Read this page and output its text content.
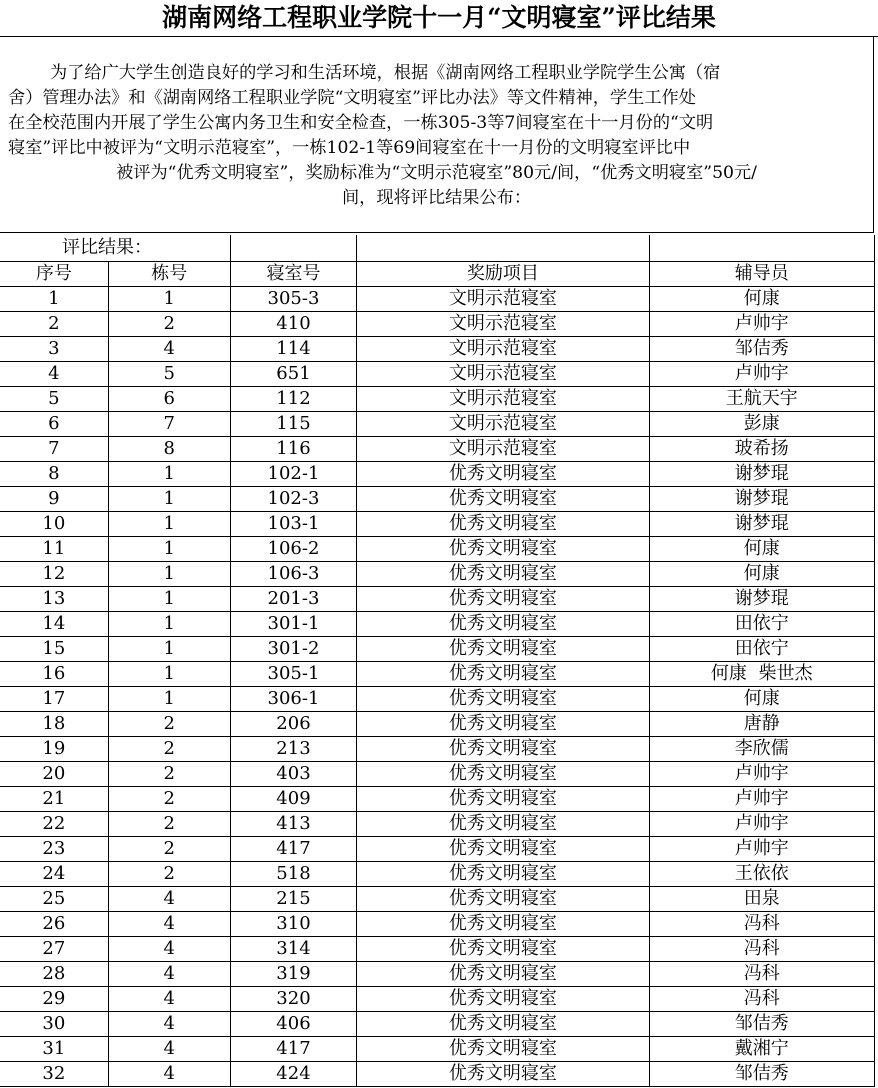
湖南网络工程职业学院十一月“文明寝室”评比结果

为了给广大学生创造良好的学习和生活环境，根据《湖南网络工程职业学院学生公寓（宿
舍）管理办法》和《湖南网络工程职业学院“文明寝室”评比办法》等文件精神，学生工作处
在全校范围内开展了学生公寓内务卫生和安全检查，一栋305-3等7间寝室在十一月份的“文明
寝室”评比中被评为“文明示范寝室”，一栋102-1等69间寝室在十一月份的文明寝室评比中
被评为“优秀文明寝室”，奖励标准为“文明示范寝室”80元/间，“优秀文明寝室”50元/
间，现将评比结果公布：

评比结果：				
序号	栋号	寝室号	奖励项目	辅导员
1	1	305-3	文明示范寝室	何康
2	2	410	文明示范寝室	卢帅宇
3	4	114	文明示范寝室	邹佶秀
4	5	651	文明示范寝室	卢帅宇
5	6	112	文明示范寝室	王航天宇
6	7	115	文明示范寝室	彭康
7	8	116	文明示范寝室	玻希扬
8	1	102-1	优秀文明寝室	谢梦琨
9	1	102-3	优秀文明寝室	谢梦琨
10	1	103-1	优秀文明寝室	谢梦琨
11	1	106-2	优秀文明寝室	何康
12	1	106-3	优秀文明寝室	何康
13	1	201-3	优秀文明寝室	谢梦琨
14	1	301-1	优秀文明寝室	田依宁
15	1	301-2	优秀文明寝室	田依宁
16	1	305-1	优秀文明寝室	何康 柴世杰
17	1	306-1	优秀文明寝室	何康
18	2	206	优秀文明寝室	唐静
19	2	213	优秀文明寝室	李欣儒
20	2	403	优秀文明寝室	卢帅宇
21	2	409	优秀文明寝室	卢帅宇
22	2	413	优秀文明寝室	卢帅宇
23	2	417	优秀文明寝室	卢帅宇
24	2	518	优秀文明寝室	王依依
25	4	215	优秀文明寝室	田泉
26	4	310	优秀文明寝室	冯科
27	4	314	优秀文明寝室	冯科
28	4	319	优秀文明寝室	冯科
29	4	320	优秀文明寝室	冯科
30	4	406	优秀文明寝室	邹佶秀
31	4	417	优秀文明寝室	戴湘宁
32	4	424	优秀文明寝室	邹佶秀
